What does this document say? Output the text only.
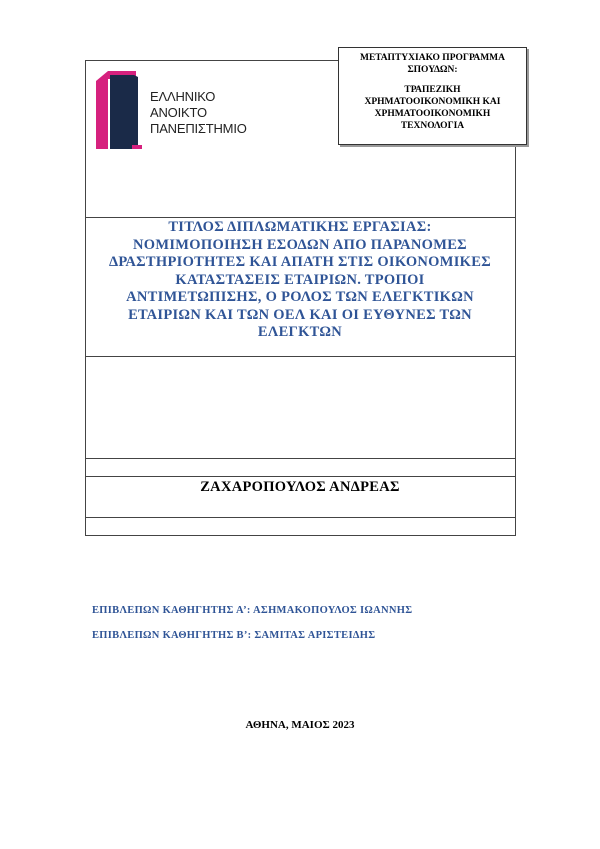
ΜΕΤΑΠΤΥΧΙΑΚΟ ΠΡΟΓΡΑΜΜΑ ΣΠΟΥΔΩΝ:
ΤΡΑΠΕΖΙΚΗ
ΧΡΗΜΑΤΟΟΙΚΟΝΟΜΙΚΗ ΚΑΙ
ΧΡΗΜΑΤΟΟΙΚΟΝΟΜΙΚΗ
ΤΕΧΝΟΛΟΓΙΑ
ΕΛΛΗΝΙΚΟ
ΑΝΟΙΚΤΟ
ΠΑΝΕΠΙΣΤΗΜΙΟ
ΤΙΤΛΟΣ ΔΙΠΛΩΜΑΤΙΚΗΣ ΕΡΓΑΣΙΑΣ:
ΝΟΜΙΜΟΠΟΙΗΣΗ ΕΣΟΔΩΝ ΑΠΟ ΠΑΡΑΝΟΜΕΣ
ΔΡΑΣΤΗΡΙΟΤΗΤΕΣ ΚΑΙ ΑΠΑΤΗ ΣΤΙΣ ΟΙΚΟΝΟΜΙΚΕΣ
ΚΑΤΑΣΤΑΣΕΙΣ ΕΤΑΙΡΙΩΝ. ΤΡΟΠΟΙ
ΑΝΤΙΜΕΤΩΠΙΣΗΣ, Ο ΡΟΛΟΣ ΤΩΝ ΕΛΕΓΚΤΙΚΩΝ
ΕΤΑΙΡΙΩΝ ΚΑΙ ΤΩΝ ΟΕΛ ΚΑΙ ΟΙ ΕΥΘΥΝΕΣ ΤΩΝ
ΕΛΕΓΚΤΩΝ
ΖΑΧΑΡΟΠΟΥΛΟΣ ΑΝΔΡΕΑΣ
ΕΠΙΒΛΕΠΩΝ ΚΑΘΗΓΗΤΗΣ Α’: ΑΣΗΜΑΚΟΠΟΥΛΟΣ ΙΩΑΝΝΗΣ
ΕΠΙΒΛΕΠΩΝ ΚΑΘΗΓΗΤΗΣ Β’: ΣΑΜΙΤΑΣ ΑΡΙΣΤΕΙΔΗΣ
ΑΘΗΝΑ, ΜΑΙΟΣ 2023
